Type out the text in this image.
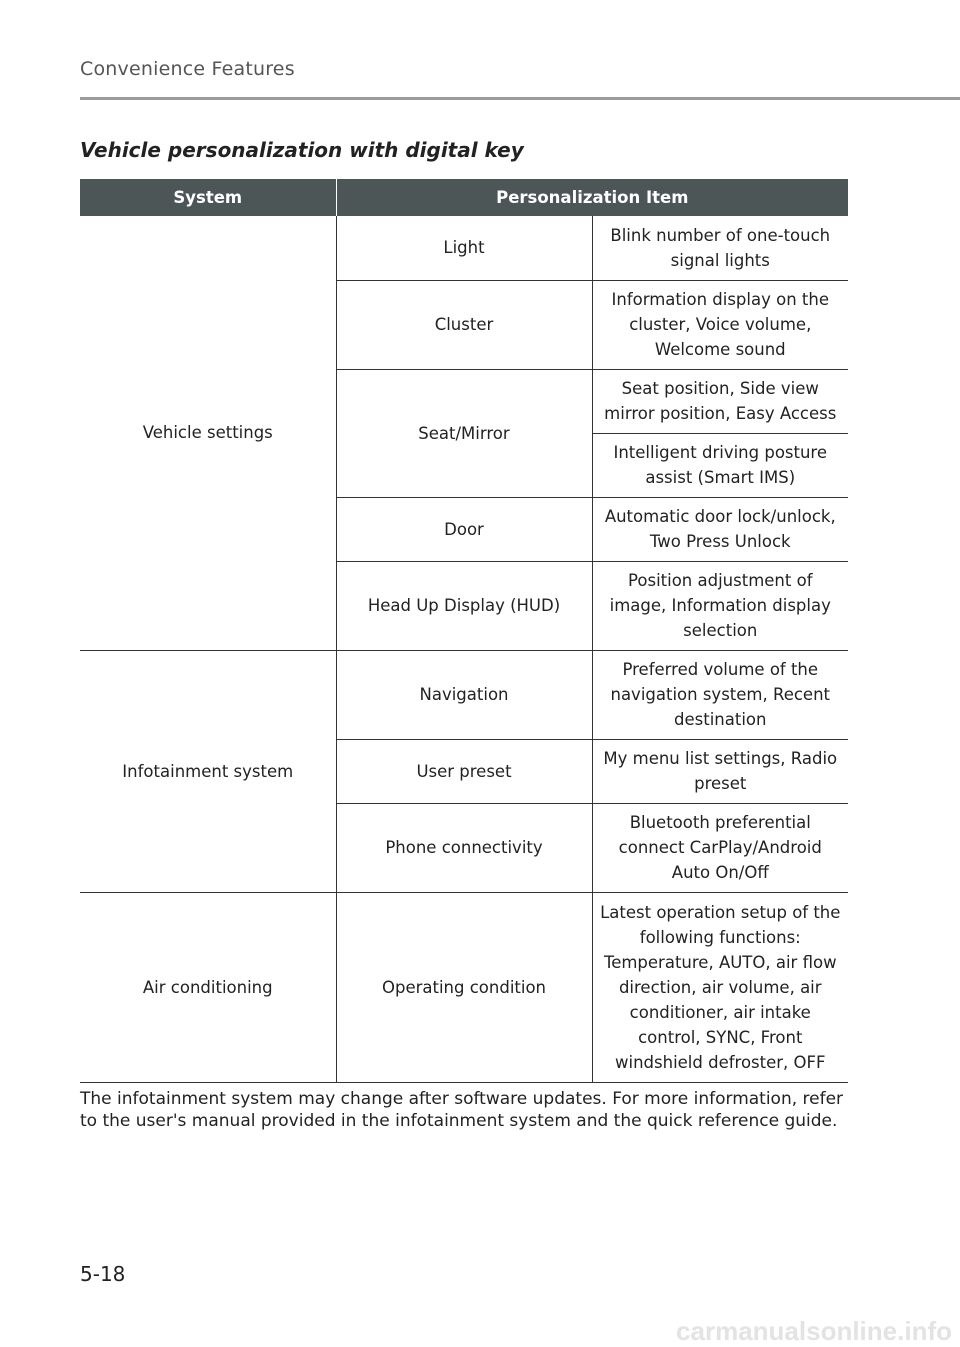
Convenience Features
Vehicle personalization with digital key
System	Personalization Item	
Vehicle settings	Light	Blink number of one-touch signal lights
	Cluster	Information display on the cluster, Voice volume, Welcome sound
	Seat/Mirror	Seat position, Side view mirror position, Easy Access
		Intelligent driving posture assist (Smart IMS)
	Door	Automatic door lock/unlock, Two Press Unlock
	Head Up Display (HUD)	Position adjustment of image, Information display selection
Infotainment system	Navigation	Preferred volume of the navigation system, Recent destination
	User preset	My menu list settings, Radio preset
	Phone connectivity	Bluetooth preferential connect CarPlay/Android Auto On/Off
Air conditioning	Operating condition	Latest operation setup of the following functions: Temperature, AUTO, air flow direction, air volume, air conditioner, air intake control, SYNC, Front windshield defroster, OFF
The infotainment system may change after software updates. For more information, refer to the user's manual provided in the infotainment system and the quick reference guide.
5-18
carmanualsonline.info
